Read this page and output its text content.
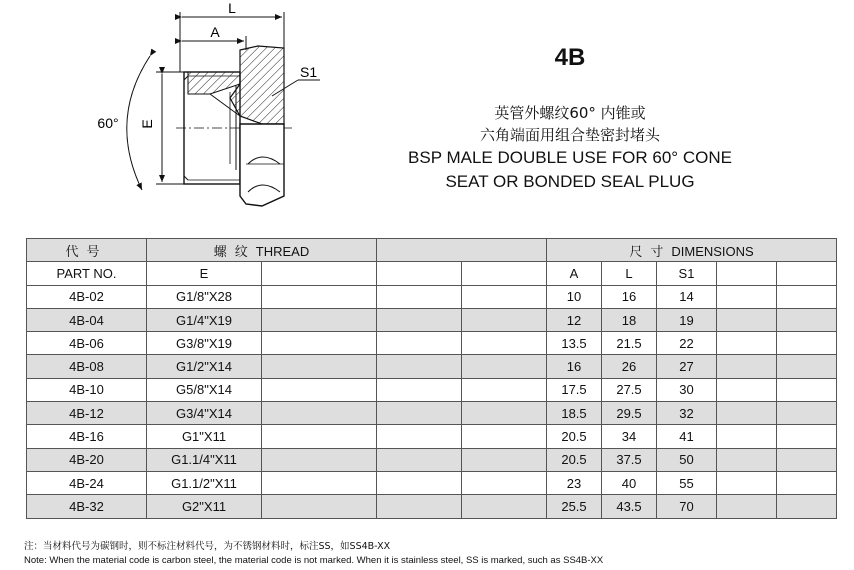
L
A
S1
E
60°
4B
英管外螺纹60° 内锥或
六角端面用组合垫密封堵头
BSP MALE DOUBLE USE FOR 60° CONE
SEAT OR BONDED SEAL PLUG
代号	螺纹THREAD				尺寸DIMENSIONS				
PART NO.	E				A	L	S1		
4B-02	G1/8"X28				10	16	14		
4B-04	G1/4"X19				12	18	19		
4B-06	G3/8"X19				13.5	21.5	22		
4B-08	G1/2"X14				16	26	27		
4B-10	G5/8"X14				17.5	27.5	30		
4B-12	G3/4"X14				18.5	29.5	32		
4B-16	G1"X11				20.5	34	41		
4B-20	G1.1/4"X11				20.5	37.5	50		
4B-24	G1.1/2"X11				23	40	55		
4B-32	G2"X11				25.5	43.5	70		
注：当材料代号为碳钢时，则不标注材料代号，为不锈钢材料时，标注SS，如SS4B-XX
Note: When the material code is carbon steel, the material code is not marked. When it is stainless steel, SS is marked, such as SS4B-XX
